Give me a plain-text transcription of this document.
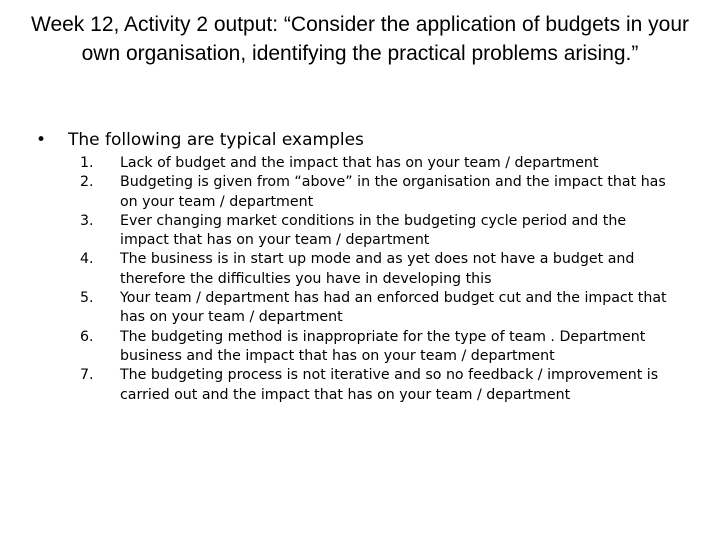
Week 12, Activity 2 output: “Consider the application of budgets in your own organisation, identifying the practical problems arising.”
• The following are typical examples
1.	Lack of budget and the impact that has on your team / department
2.	Budgeting is given from “above” in the organisation and the impact that has on your team / department
3.	Ever changing market conditions in the budgeting cycle period and the impact that has on your team / department
4.	The business is in start up mode and as yet does not have a budget and therefore the difficulties you have in developing this
5.	Your team / department has had an enforced budget cut and the impact that has on your team / department
6.	The budgeting method is inappropriate for the type of team . Department business and the impact that has on your team / department
7.	The budgeting process is not iterative and so no feedback / improvement is carried out and the impact that has on your team / department
